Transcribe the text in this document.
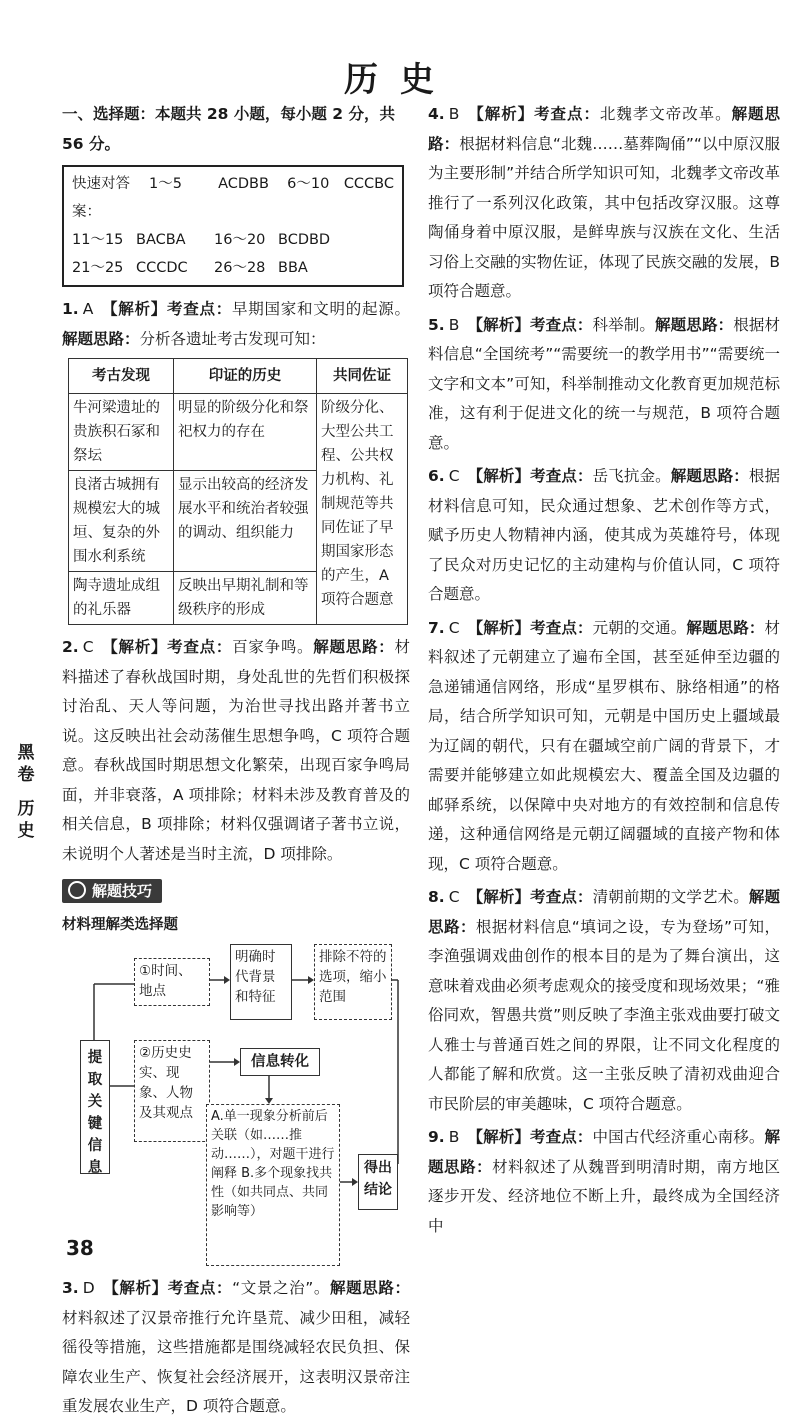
历史
黑
卷
历
史

一、选择题：本题共 28 小题，每小题 2 分，共 56 分。

快速对答案：
1～5	ACDBB	6～10 CCCBC
11～15 BACBA	16～20 BCDBD
21～25 CCCDC	26～28 BBA

1. A 【解析】考查点：早期国家和文明的起源。解题思路：分析各遗址考古发现可知：

考古发现	印证的历史	共同佐证
牛河梁遗址的贵族积石冢和祭坛	明显的阶级分化和祭祀权力的存在	阶级分化、大型公共工程、公共权力机构、礼制规范等共同佐证了早期国家形态的产生，A 项符合题意
良渚古城拥有规模宏大的城垣、复杂的外围水利系统	显示出较高的经济发展水平和统治者较强的调动、组织能力	
陶寺遗址成组的礼乐器	反映出早期礼制和等级秩序的形成	

2. C 【解析】考查点：百家争鸣。解题思路：材料描述了春秋战国时期，身处乱世的先哲们积极探讨治乱、天人等问题，为治世寻找出路并著书立说。这反映出社会动荡催生思想争鸣，C 项符合题意。春秋战国时期思想文化繁荣，出现百家争鸣局面，并非衰落，A 项排除；材料未涉及教育普及的相关信息，B 项排除；材料仅强调诸子著书立说，未说明个人著述是当时主流，D 项排除。

解题技巧
材料理解类选择题
提取关键信息
①时间、地点
明确时代背景和特征
排除不符的选项，缩小范围
②历史史实、现象、人物及其观点
信息转化
A.单一现象分析前后关联（如……推动……），对题干进行阐释 B.多个现象找共性（如共同点、共同影响等）
得出结论

3. D 【解析】考查点：“文景之治”。解题思路：材料叙述了汉景帝推行允许垦荒、减少田租，减轻徭役等措施，这些措施都是围绕减轻农民负担、保障农业生产、恢复社会经济展开，这表明汉景帝注重发展农业生产，D 项符合题意。

4. B 【解析】考查点：北魏孝文帝改革。解题思路：根据材料信息“北魏……墓葬陶俑”“以中原汉服为主要形制”并结合所学知识可知，北魏孝文帝改革推行了一系列汉化政策，其中包括改穿汉服。这尊陶俑身着中原汉服，是鲜卑族与汉族在文化、生活习俗上交融的实物佐证，体现了民族交融的发展，B 项符合题意。

5. B 【解析】考查点：科举制。解题思路：根据材料信息“全国统考”“需要统一的教学用书”“需要统一文字和文本”可知，科举制推动文化教育更加规范标准，这有利于促进文化的统一与规范，B 项符合题意。

6. C 【解析】考查点：岳飞抗金。解题思路：根据材料信息可知，民众通过想象、艺术创作等方式，赋予历史人物精神内涵，使其成为英雄符号，体现了民众对历史记忆的主动建构与价值认同，C 项符合题意。

7. C 【解析】考查点：元朝的交通。解题思路：材料叙述了元朝建立了遍布全国，甚至延伸至边疆的急递铺通信网络，形成“星罗棋布、脉络相通”的格局，结合所学知识可知，元朝是中国历史上疆域最为辽阔的朝代，只有在疆域空前广阔的背景下，才需要并能够建立如此规模宏大、覆盖全国及边疆的邮驿系统，以保障中央对地方的有效控制和信息传递，这种通信网络是元朝辽阔疆域的直接产物和体现，C 项符合题意。

8. C 【解析】考查点：清朝前期的文学艺术。解题思路：根据材料信息“填词之设，专为登场”可知，李渔强调戏曲创作的根本目的是为了舞台演出，这意味着戏曲必须考虑观众的接受度和现场效果；“雅俗同欢，智愚共赏”则反映了李渔主张戏曲要打破文人雅士与普通百姓之间的界限，让不同文化程度的人都能了解和欣赏。这一主张反映了清初戏曲迎合市民阶层的审美趣味，C 项符合题意。

9. B 【解析】考查点：中国古代经济重心南移。解题思路：材料叙述了从魏晋到明清时期，南方地区逐步开发、经济地位不断上升，最终成为全国经济中

38
